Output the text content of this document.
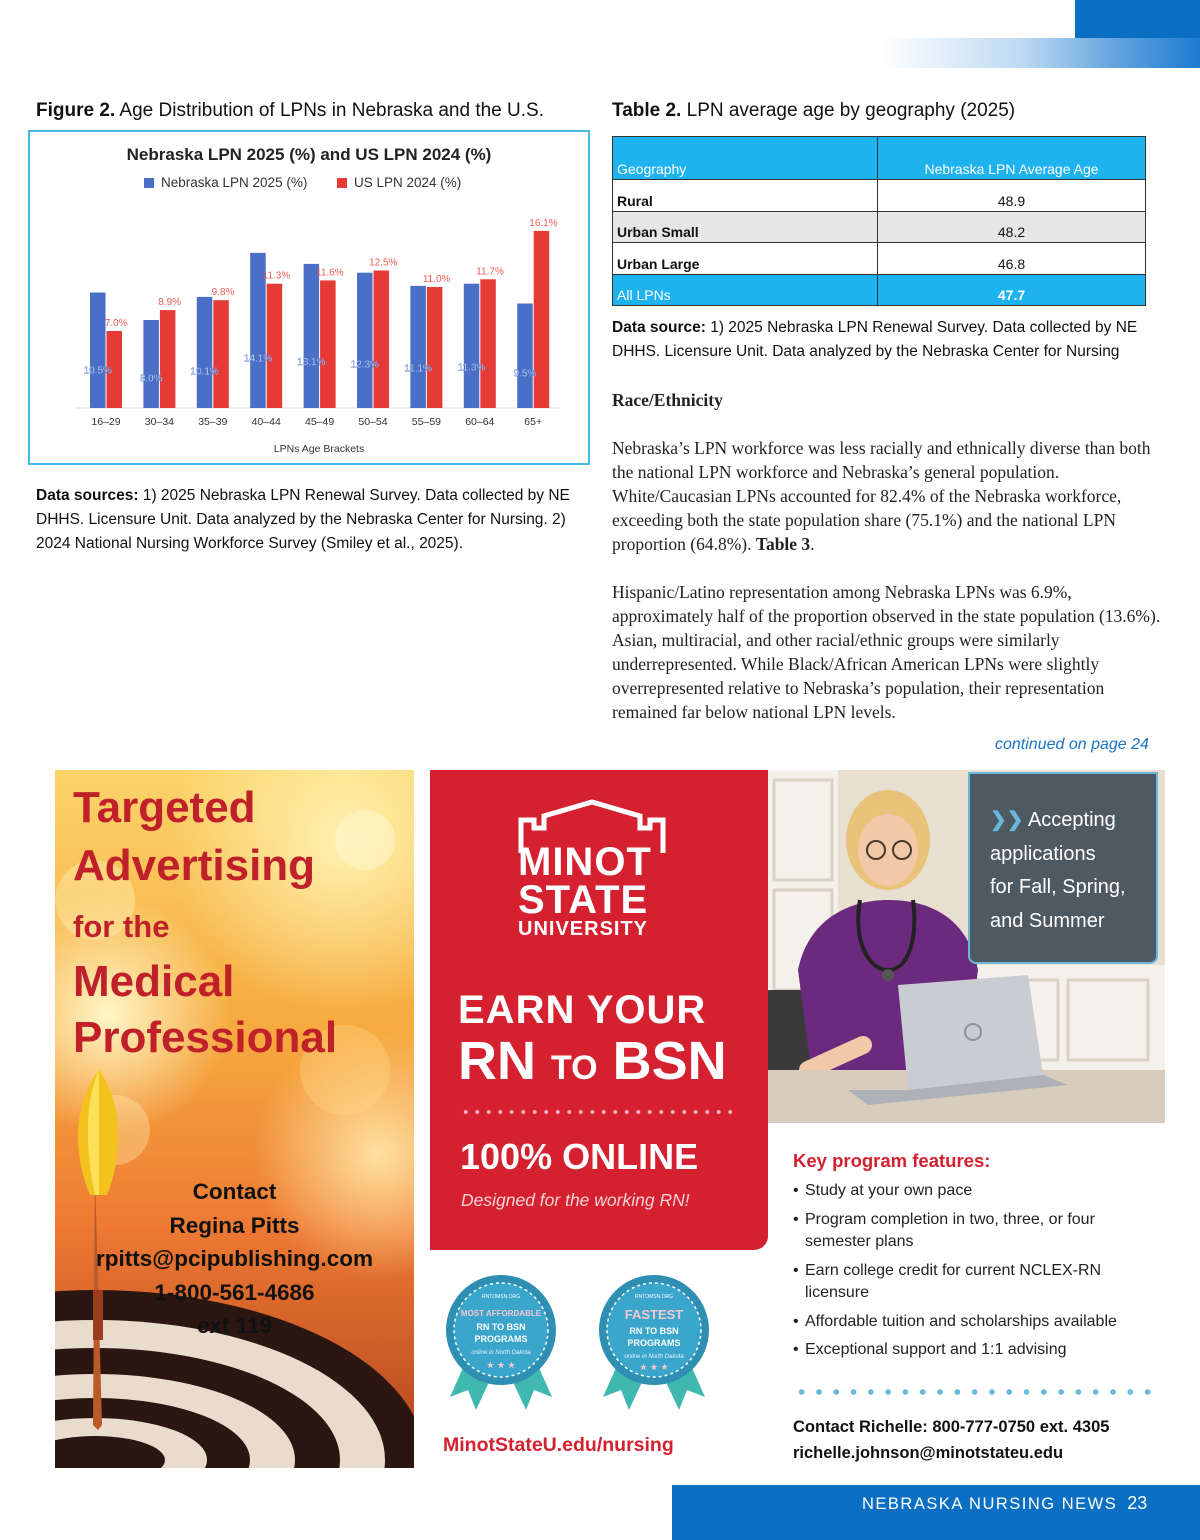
Figure 2. Age Distribution of LPNs in Nebraska and the U.S.
Nebraska LPN 2025 (%) and US LPN 2024 (%)
Nebraska LPN 2025 (%)	US LPN 2024 (%)
10.5%
7.0%
16–29
8.0%
8.9%
30–34
10.1%
9.8%
35–39
14.1%
11.3%
40–44
13.1%
11.6%
45–49
12.3%
12.5%
50–54
11.1%
11.0%
55–59
11.3%
11.7%
60–64
9.5%
16.1%
65+
LPNs Age Brackets
Data sources: 1) 2025 Nebraska LPN Renewal Survey. Data collected by NE DHHS. Licensure Unit. Data analyzed by the Nebraska Center for Nursing. 2) 2024 National Nursing Workforce Survey (Smiley et al., 2025).
Table 2. LPN average age by geography (2025)
Geography	Nebraska LPN Average Age
Rural	48.9
Urban Small	48.2
Urban Large	46.8
All LPNs	47.7
Data source: 1) 2025 Nebraska LPN Renewal Survey. Data collected by NE DHHS. Licensure Unit. Data analyzed by the Nebraska Center for Nursing
Race/Ethnicity
Nebraska’s LPN workforce was less racially and ethnically diverse than both the national LPN workforce and Nebraska’s general population. White/Caucasian LPNs accounted for 82.4% of the Nebraska workforce, exceeding both the state population share (75.1%) and the national LPN proportion (64.8%). Table 3.
Hispanic/Latino representation among Nebraska LPNs was 6.9%, approximately half of the proportion observed in the state population (13.6%). Asian, multiracial, and other racial/ethnic groups were similarly underrepresented. While Black/African American LPNs were slightly overrepresented relative to Nebraska’s population, their representation remained far below national LPN levels.
continued on page 24
Targeted
Advertising
for the
Medical
Professional
Contact
Regina Pitts
rpitts@pcipublishing.com
1-800-561-4686
ext 119
MINOT
STATE
UNIVERSITY
EARN YOUR
RN TO BSN
100% ONLINE
Designed for the working RN!
RNTOMSN.ORG
MOST AFFORDABLE
RN TO BSN
PROGRAMS
online in North Dakota
★ ★ ★
RNTOMSN.ORG
FASTEST
RN TO BSN
PROGRAMS
online in North Dakota
★ ★ ★
MinotStateU.edu/nursing
❯❯ Accepting
applications
for Fall, Spring,
and Summer
Key program features:
• Study at your own pace
• Program completion in two, three, or four semester plans
• Earn college credit for current NCLEX-RN licensure
• Affordable tuition and scholarships available
• Exceptional support and 1:1 advising
Contact Richelle: 800-777-0750 ext. 4305
richelle.johnson@minotstateu.edu
NEBRASKA NURSING NEWS 23
